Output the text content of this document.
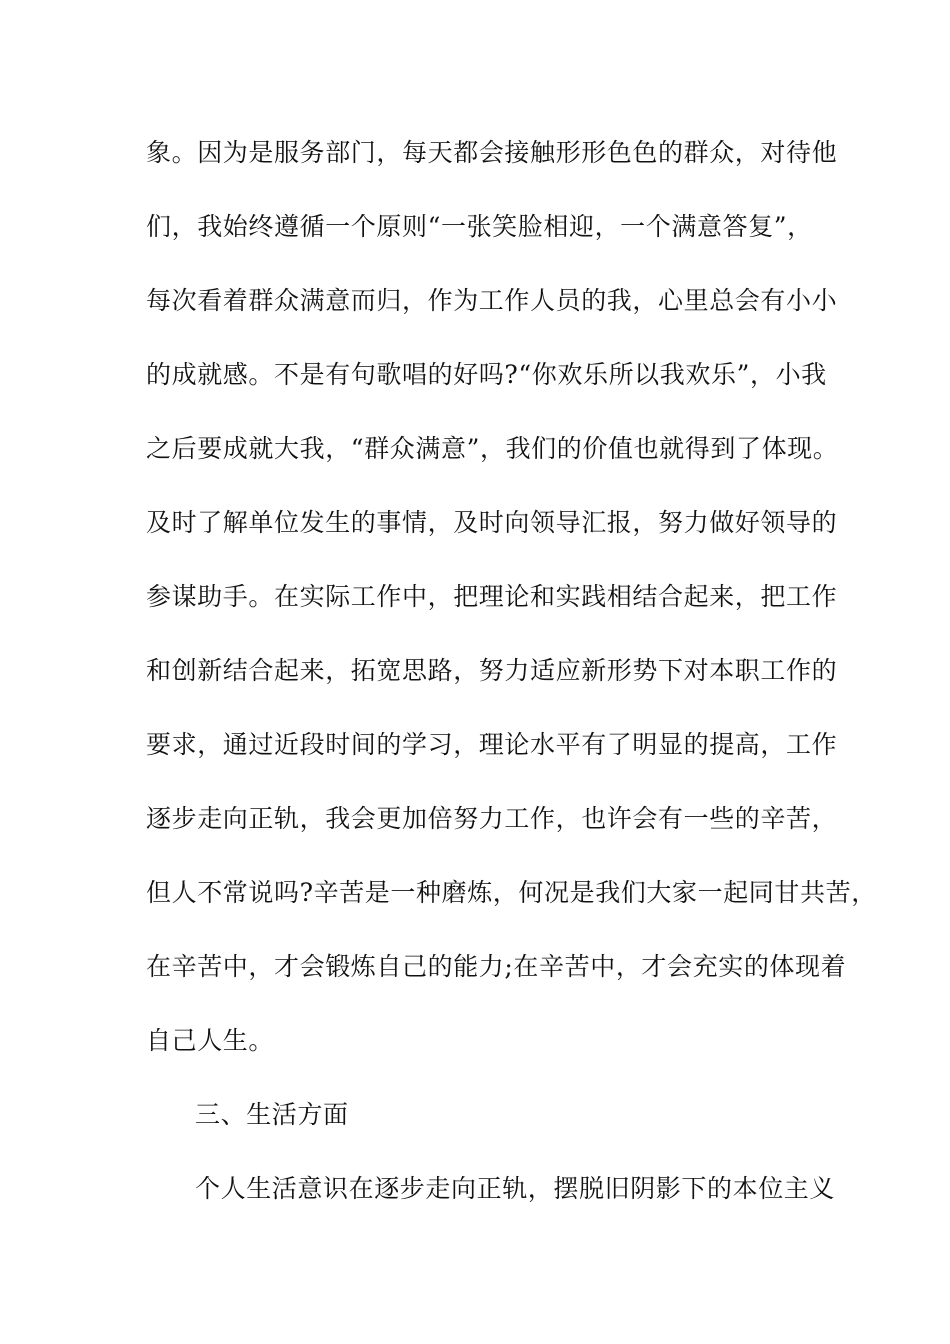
象。因为是服务部门，每天都会接触形形色色的群众，对待他
们，我始终遵循一个原则“一张笑脸相迎，一个满意答复”，
每次看着群众满意而归，作为工作人员的我，心里总会有小小
的成就感。不是有句歌唱的好吗?“你欢乐所以我欢乐”，小我
之后要成就大我，“群众满意”，我们的价值也就得到了体现。
及时了解单位发生的事情，及时向领导汇报，努力做好领导的
参谋助手。在实际工作中，把理论和实践相结合起来，把工作
和创新结合起来，拓宽思路，努力适应新形势下对本职工作的
要求，通过近段时间的学习，理论水平有了明显的提高，工作
逐步走向正轨，我会更加倍努力工作，也许会有一些的辛苦，
但人不常说吗?辛苦是一种磨炼，何况是我们大家一起同甘共苦，
在辛苦中，才会锻炼自己的能力;在辛苦中，才会充实的体现着
自己人生。
三、生活方面
个人生活意识在逐步走向正轨，摆脱旧阴影下的本位主义
